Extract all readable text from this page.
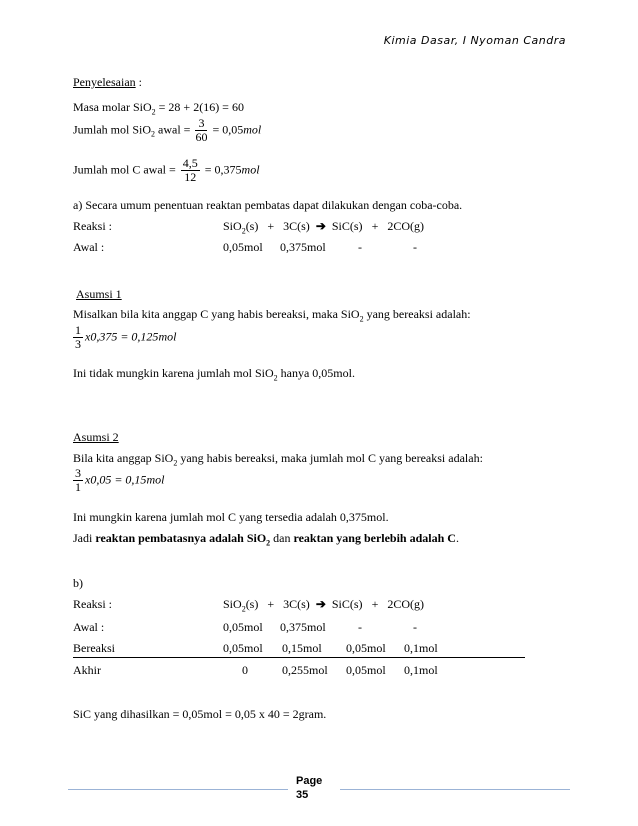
Kimia Dasar, I Nyoman Candra
Penyelesaian :
Masa molar SiO$_2$ = 28 + 2(16) = 60
Jumlah mol SiO$_2$ awal = $\frac{3}{60} = 0,05mol$
Jumlah mol C awal = $\frac{4,5}{12} = 0,375mol$
a) Secara umum penentuan reaktan pembatas dapat dilakukan dengan coba-coba.
Reaksi :	SiO$_2$(s) + 3C(s) ➔ SiC(s) + 2CO(g)
Awal :	0,05mol 0,375mol	-	-
Asumsi 1
Misalkan bila kita anggap C yang habis bereaksi, maka SiO$_2$ yang bereaksi adalah:
$\frac{1}{3} x0,375 = 0,125mol$
Ini tidak mungkin karena jumlah mol SiO$_2$ hanya 0,05mol.
Asumsi 2
Bila kita anggap SiO$_2$ yang habis bereaksi, maka jumlah mol C yang bereaksi adalah:
$\frac{3}{1} x0,05 = 0,15mol$
Ini mungkin karena jumlah mol C yang tersedia adalah 0,375mol.
Jadi reaktan pembatasnya adalah SiO$_2$ dan reaktan yang berlebih adalah C.
b)
Reaksi :	SiO$_2$(s) + 3C(s) ➔ SiC(s) + 2CO(g)
Awal :	0,05mol 0,375mol	-	-
Bereaksi	0,05mol 0,15mol 0,05mol 0,1mol
Akhir	0	0,255mol 0,05mol 0,1mol
SiC yang dihasilkan = 0,05mol = 0,05 x 40 = 2gram.
Page
35
